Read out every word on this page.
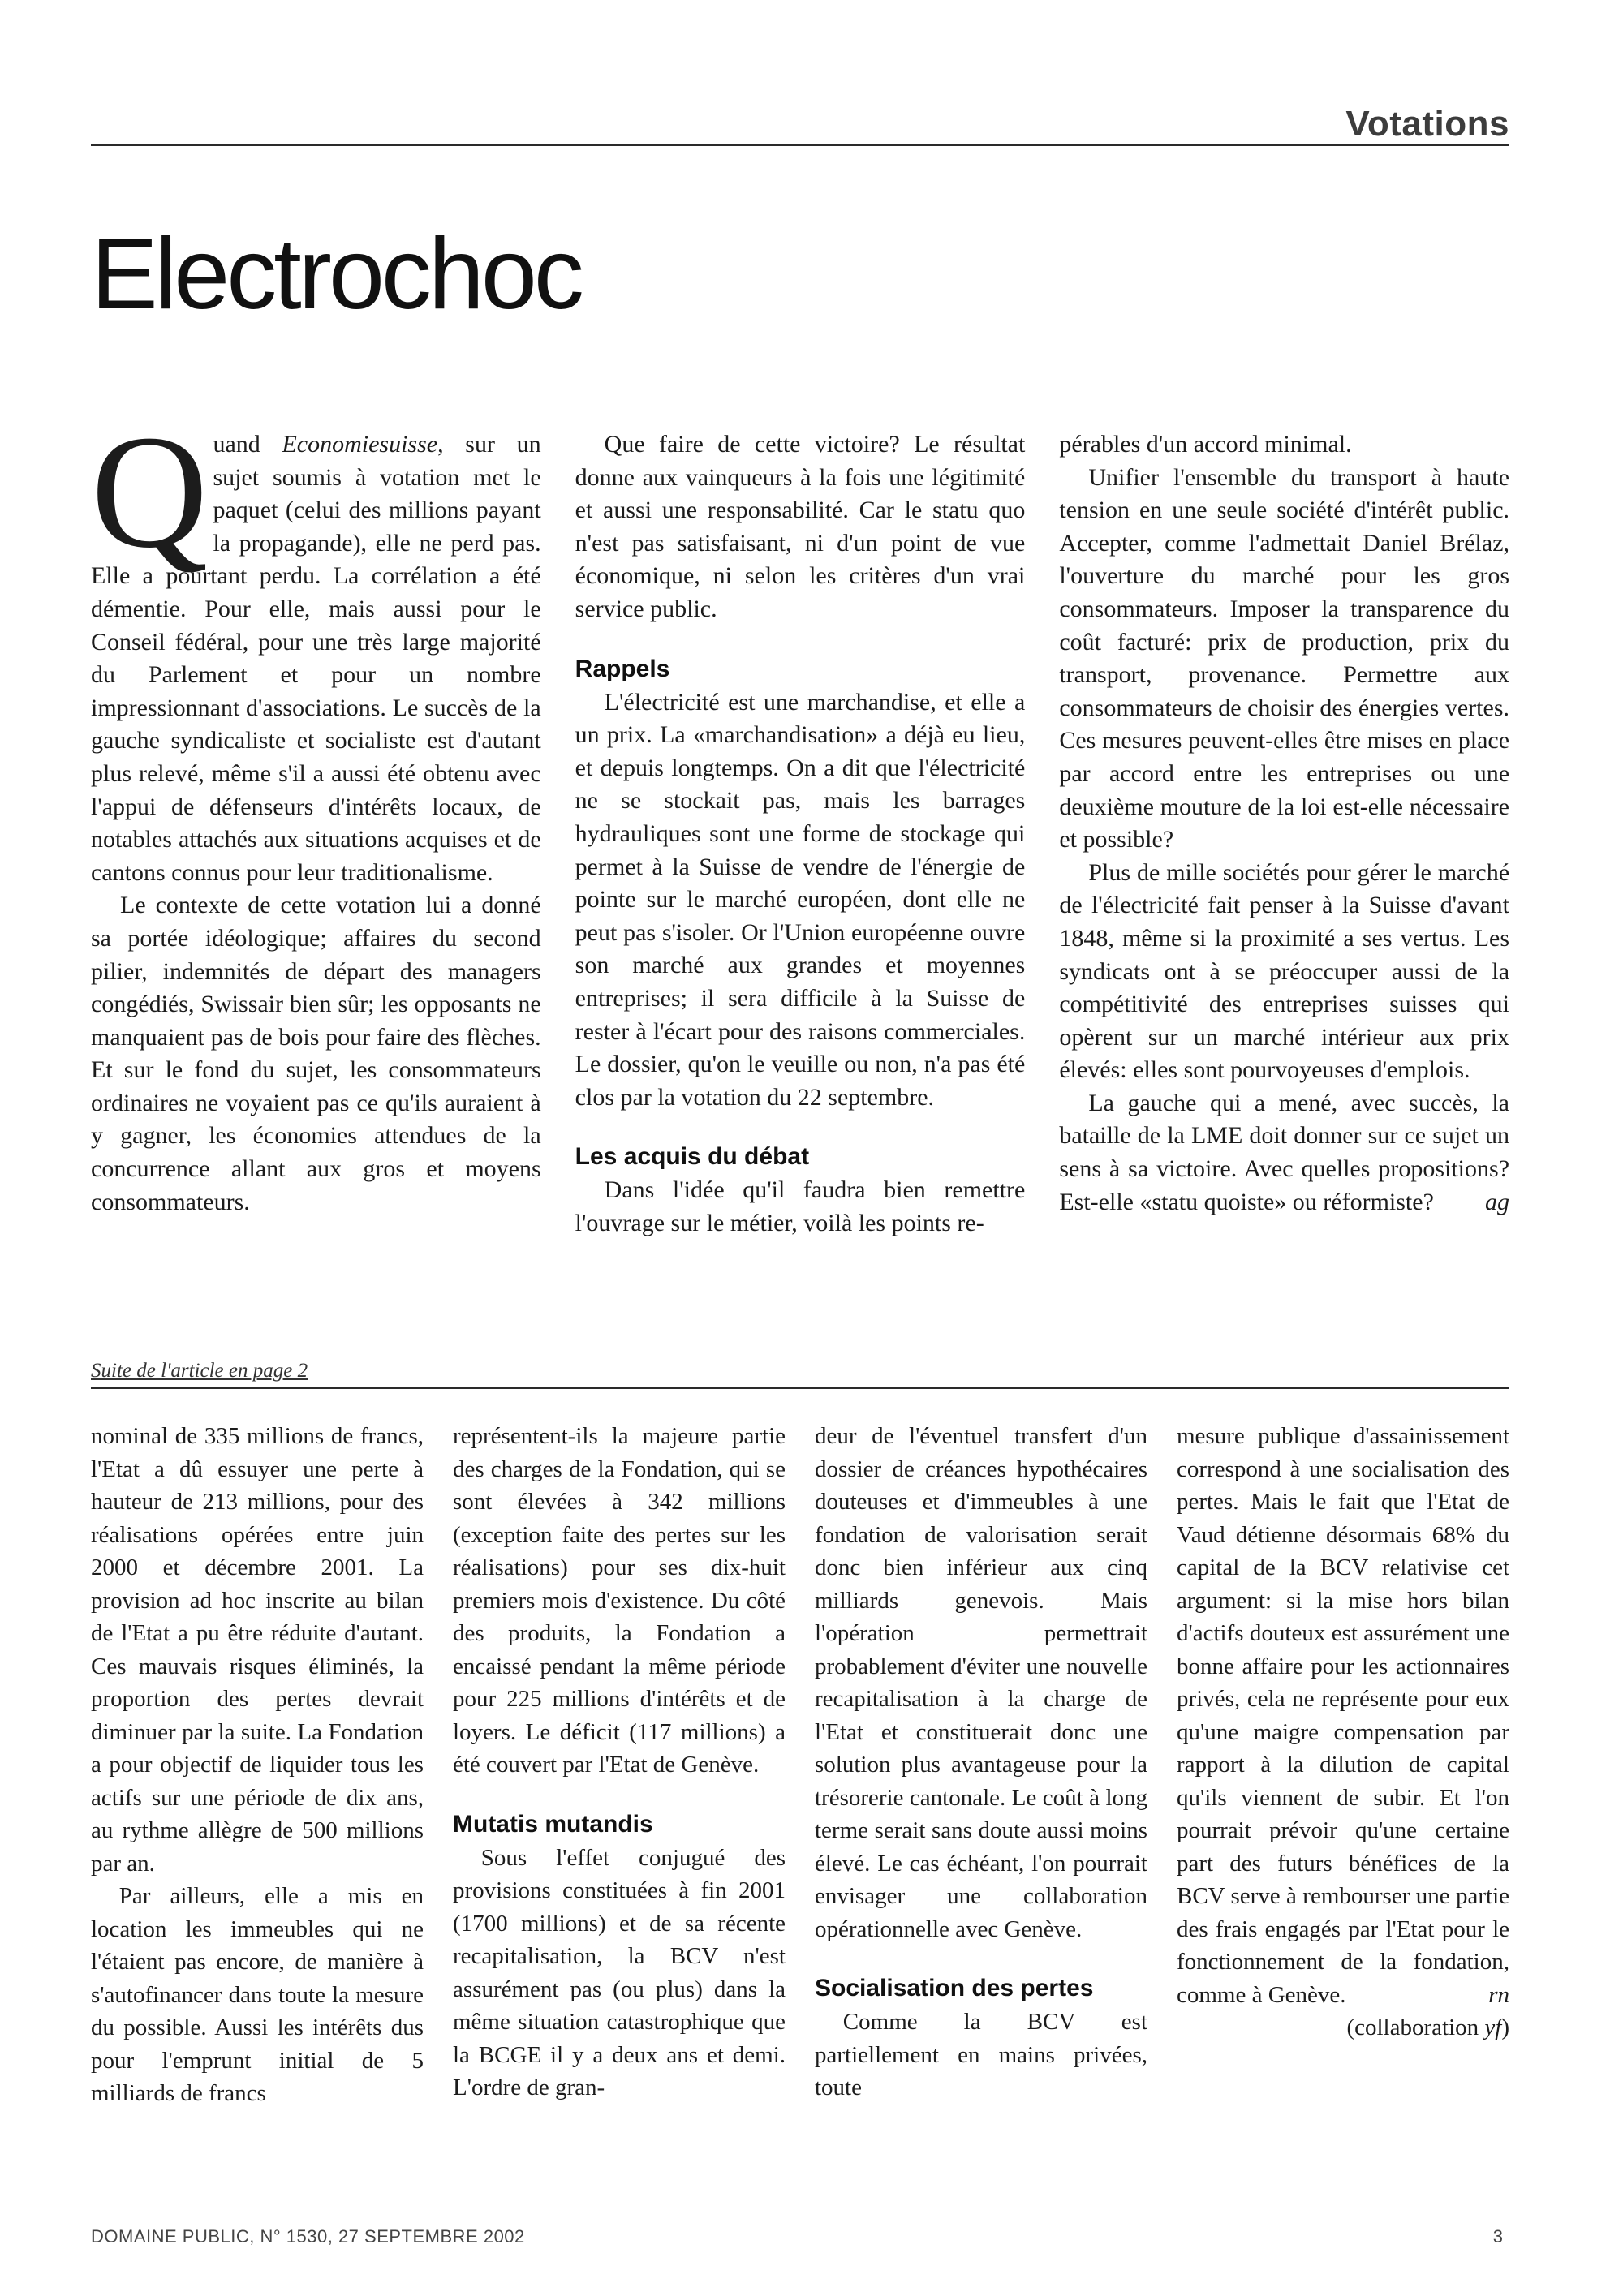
Votations
Electrochoc

Quand Economiesuisse, sur un sujet soumis à votation met le paquet (celui des millions payant la propagande), elle ne perd pas. Elle a pourtant perdu. La corrélation a été démentie. Pour elle, mais aussi pour le Conseil fédéral, pour une très large majorité du Parlement et pour un nombre impressionnant d'associations. Le succès de la gauche syndicaliste et socialiste est d'autant plus relevé, même s'il a aussi été obtenu avec l'appui de défenseurs d'intérêts locaux, de notables attachés aux situations acquises et de cantons connus pour leur traditionalisme.

Le contexte de cette votation lui a donné sa portée idéologique; affaires du second pilier, indemnités de départ des managers congédiés, Swissair bien sûr; les opposants ne manquaient pas de bois pour faire des flèches. Et sur le fond du sujet, les consommateurs ordinaires ne voyaient pas ce qu'ils auraient à y gagner, les économies attendues de la concurrence allant aux gros et moyens consommateurs.

Que faire de cette victoire? Le résultat donne aux vainqueurs à la fois une légitimité et aussi une responsabilité. Car le statu quo n'est pas satisfaisant, ni d'un point de vue économique, ni selon les critères d'un vrai service public.

Rappels

L'électricité est une marchandise, et elle a un prix. La «marchandisation» a déjà eu lieu, et depuis longtemps. On a dit que l'électricité ne se stockait pas, mais les barrages hydrauliques sont une forme de stockage qui permet à la Suisse de vendre de l'énergie de pointe sur le marché européen, dont elle ne peut pas s'isoler. Or l'Union européenne ouvre son marché aux grandes et moyennes entreprises; il sera difficile à la Suisse de rester à l'écart pour des raisons commerciales. Le dossier, qu'on le veuille ou non, n'a pas été clos par la votation du 22 septembre.

Les acquis du débat

Dans l'idée qu'il faudra bien remettre l'ouvrage sur le métier, voilà les points re-

pérables d'un accord minimal.

Unifier l'ensemble du transport à haute tension en une seule société d'intérêt public. Accepter, comme l'admettait Daniel Brélaz, l'ouverture du marché pour les gros consommateurs. Imposer la transparence du coût facturé: prix de production, prix du transport, provenance. Permettre aux consommateurs de choisir des énergies vertes. Ces mesures peuvent-elles être mises en place par accord entre les entreprises ou une deuxième mouture de la loi est-elle nécessaire et possible?

Plus de mille sociétés pour gérer le marché de l'électricité fait penser à la Suisse d'avant 1848, même si la proximité a ses vertus. Les syndicats ont à se préoccuper aussi de la compétitivité des entreprises suisses qui opèrent sur un marché intérieur aux prix élevés: elles sont pourvoyeuses d'emplois.

La gauche qui a mené, avec succès, la bataille de la LME doit donner sur ce sujet un sens à sa victoire. Avec quelles propositions? Est-elle «statu quoiste» ou réformiste?	ag

Suite de l'article en page 2

nominal de 335 millions de francs, l'Etat a dû essuyer une perte à hauteur de 213 millions, pour des réalisations opérées entre juin 2000 et décembre 2001. La provision ad hoc inscrite au bilan de l'Etat a pu être réduite d'autant. Ces mauvais risques éliminés, la proportion des pertes devrait diminuer par la suite. La Fondation a pour objectif de liquider tous les actifs sur une période de dix ans, au rythme allègre de 500 millions par an.

Par ailleurs, elle a mis en location les immeubles qui ne l'étaient pas encore, de manière à s'autofinancer dans toute la mesure du possible. Aussi les intérêts dus pour l'emprunt initial de 5 milliards de francs

représentent-ils la majeure partie des charges de la Fondation, qui se sont élevées à 342 millions (exception faite des pertes sur les réalisations) pour ses dix-huit premiers mois d'existence. Du côté des produits, la Fondation a encaissé pendant la même période pour 225 millions d'intérêts et de loyers. Le déficit (117 millions) a été couvert par l'Etat de Genève.

Mutatis mutandis

Sous l'effet conjugué des provisions constituées à fin 2001 (1700 millions) et de sa récente recapitalisation, la BCV n'est assurément pas (ou plus) dans la même situation catastrophique que la BCGE il y a deux ans et demi. L'ordre de gran-

deur de l'éventuel transfert d'un dossier de créances hypothécaires douteuses et d'immeubles à une fondation de valorisation serait donc bien inférieur aux cinq milliards genevois. Mais l'opération permettrait probablement d'éviter une nouvelle recapitalisation à la charge de l'Etat et constituerait donc une solution plus avantageuse pour la trésorerie cantonale. Le coût à long terme serait sans doute aussi moins élevé. Le cas échéant, l'on pourrait envisager une collaboration opérationnelle avec Genève.

Socialisation des pertes

Comme la BCV est partiellement en mains privées, toute

mesure publique d'assainissement correspond à une socialisation des pertes. Mais le fait que l'Etat de Vaud détienne désormais 68% du capital de la BCV relativise cet argument: si la mise hors bilan d'actifs douteux est assurément une bonne affaire pour les actionnaires privés, cela ne représente pour eux qu'une maigre compensation par rapport à la dilution de capital qu'ils viennent de subir. Et l'on pourrait prévoir qu'une certaine part des futurs bénéfices de la BCV serve à rembourser une partie des frais engagés par l'Etat pour le fonctionnement de la fondation, comme à Genève.	rn

(collaboration yf)

DOMAINE PUBLIC, N° 1530, 27 SEPTEMBRE 2002	3
